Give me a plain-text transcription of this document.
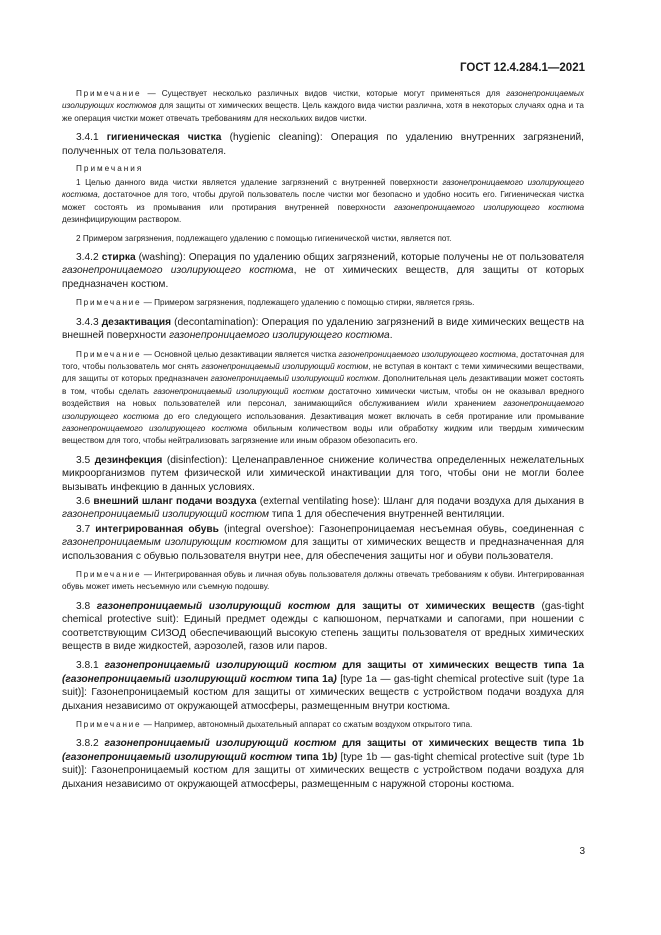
ГОСТ 12.4.284.1—2021

Примечание — Существует несколько различных видов чистки, которые могут применяться для газонепроницаемых изолирующих костюмов для защиты от химических веществ. Цель каждого вида чистки различна, хотя в некоторых случаях одна и та же операция чистки может отвечать требованиям для нескольких видов чистки.

3.4.1 гигиеническая чистка (hygienic cleaning): Операция по удалению внутренних загрязнений, полученных от тела пользователя.

Примечания

1 Целью данного вида чистки является удаление загрязнений с внутренней поверхности газонепроницаемого изолирующего костюма, достаточное для того, чтобы другой пользователь после чистки мог безопасно и удобно носить его. Гигиеническая чистка может состоять из промывания или протирания внутренней поверхности газонепроницаемого изолирующего костюма дезинфицирующим раствором.

2 Примером загрязнения, подлежащего удалению с помощью гигиенической чистки, является пот.

3.4.2 стирка (washing): Операция по удалению общих загрязнений, которые получены не от пользователя газонепроницаемого изолирующего костюма, не от химических веществ, для защиты от которых предназначен костюм.

Примечание — Примером загрязнения, подлежащего удалению с помощью стирки, является грязь.

3.4.3 дезактивация (decontamination): Операция по удалению загрязнений в виде химических веществ на внешней поверхности газонепроницаемого изолирующего костюма.

Примечание — Основной целью дезактивации является чистка газонепроницаемого изолирующего костюма, достаточная для того, чтобы пользователь мог снять газонепроницаемый изолирующий костюм, не вступая в контакт с теми химическими веществами, для защиты от которых предназначен газонепроницаемый изолирующий костюм. Дополнительная цель дезактивации может состоять в том, чтобы сделать газонепроницаемый изолирующий костюм достаточно химически чистым, чтобы он не оказывал вредного воздействия на новых пользователей или персонал, занимающийся обслуживанием и/или хранением газонепроницаемого изолирующего костюма до его следующего использования. Дезактивация может включать в себя протирание или промывание газонепроницаемого изолирующего костюма обильным количеством воды или обработку жидким или твердым химическим веществом для того, чтобы нейтрализовать загрязнение или иным образом обезопасить его.

3.5 дезинфекция (disinfection): Целенаправленное снижение количества определенных нежелательных микроорганизмов путем физической или химической инактивации для того, чтобы они не могли более вызывать инфекцию в данных условиях.

3.6 внешний шланг подачи воздуха (external ventilating hose): Шланг для подачи воздуха для дыхания в газонепроницаемый изолирующий костюм типа 1 для обеспечения внутренней вентиляции.

3.7 интегрированная обувь (integral overshoe): Газонепроницаемая несъемная обувь, соединенная с газонепроницаемым изолирующим костюмом для защиты от химических веществ и предназначенная для использования с обувью пользователя внутри нее, для обеспечения защиты ног и обуви пользователя.

Примечание — Интегрированная обувь и личная обувь пользователя должны отвечать требованиям к обуви. Интегрированная обувь может иметь несъемную или съемную подошву.

3.8 газонепроницаемый изолирующий костюм для защиты от химических веществ (gas-tight chemical protective suit): Единый предмет одежды с капюшоном, перчатками и сапогами, при ношении с соответствующим СИЗОД обеспечивающий высокую степень защиты пользователя от вредных химических веществ в виде жидкостей, аэрозолей, газов или паров.

3.8.1 газонепроницаемый изолирующий костюм для защиты от химических веществ типа 1a (газонепроницаемый изолирующий костюм типа 1a) [type 1a — gas-tight chemical protective suit (type 1a suit)]: Газонепроницаемый костюм для защиты от химических веществ с устройством подачи воздуха для дыхания независимо от окружающей атмосферы, размещенным внутри костюма.

Примечание — Например, автономный дыхательный аппарат со сжатым воздухом открытого типа.

3.8.2 газонепроницаемый изолирующий костюм для защиты от химических веществ типа 1b (газонепроницаемый изолирующий костюм типа 1b) [type 1b — gas-tight chemical protective suit (type 1b suit)]: Газонепроницаемый костюм для защиты от химических веществ с устройством подачи воздуха для дыхания независимо от окружающей атмосферы, размещенным с наружной стороны костюма.

3
